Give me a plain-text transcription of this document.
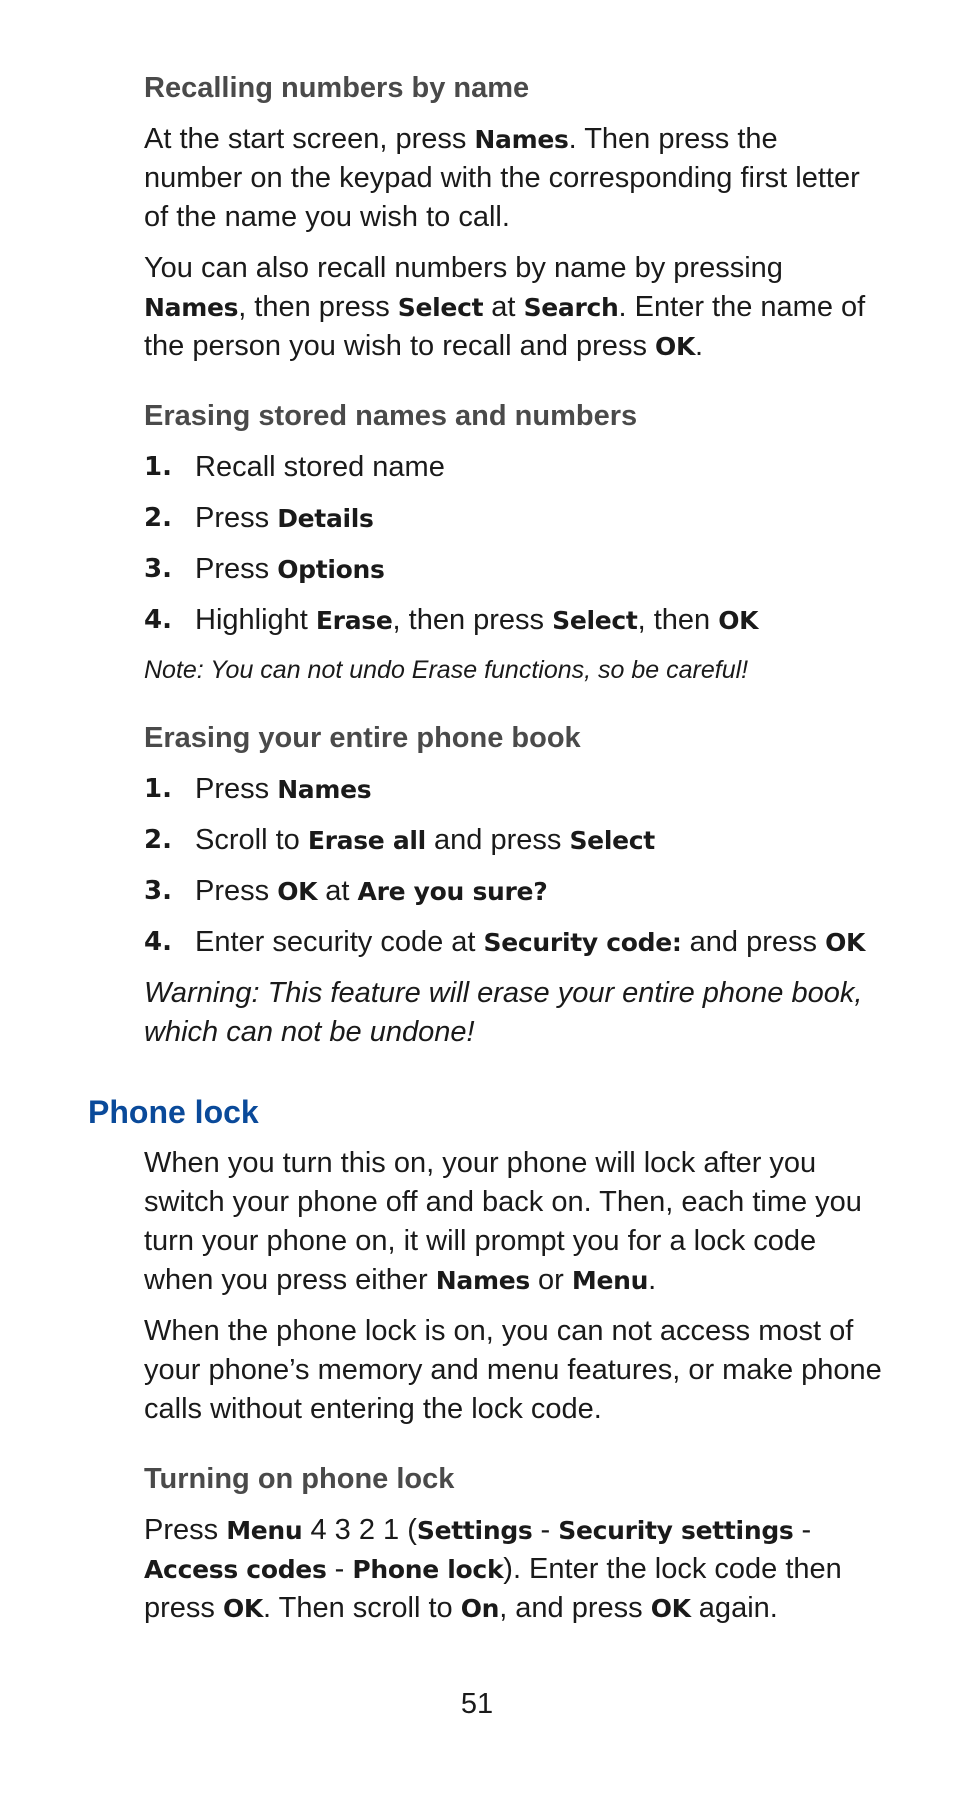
Recalling numbers by name

At the start screen, press Names. Then press the number on the keypad with the corresponding first letter of the name you wish to call.

You can also recall numbers by name by pressing Names, then press Select at Search. Enter the name of the person you wish to recall and press OK.

Erasing stored names and numbers
1. Recall stored name
2. Press Details
3. Press Options
4. Highlight Erase, then press Select, then OK

Note: You can not undo Erase functions, so be careful!

Erasing your entire phone book
1. Press Names
2. Scroll to Erase all and press Select
3. Press OK at Are you sure?
4. Enter security code at Security code: and press OK

Warning: This feature will erase your entire phone book, which can not be undone!

Phone lock

When you turn this on, your phone will lock after you switch your phone off and back on. Then, each time you turn your phone on, it will prompt you for a lock code when you press either Names or Menu.

When the phone lock is on, you can not access most of your phone’s memory and menu features, or make phone calls without entering the lock code.

Turning on phone lock

Press Menu 4 3 2 1 (Settings - Security settings - Access codes - Phone lock). Enter the lock code then press OK. Then scroll to On, and press OK again.

51
